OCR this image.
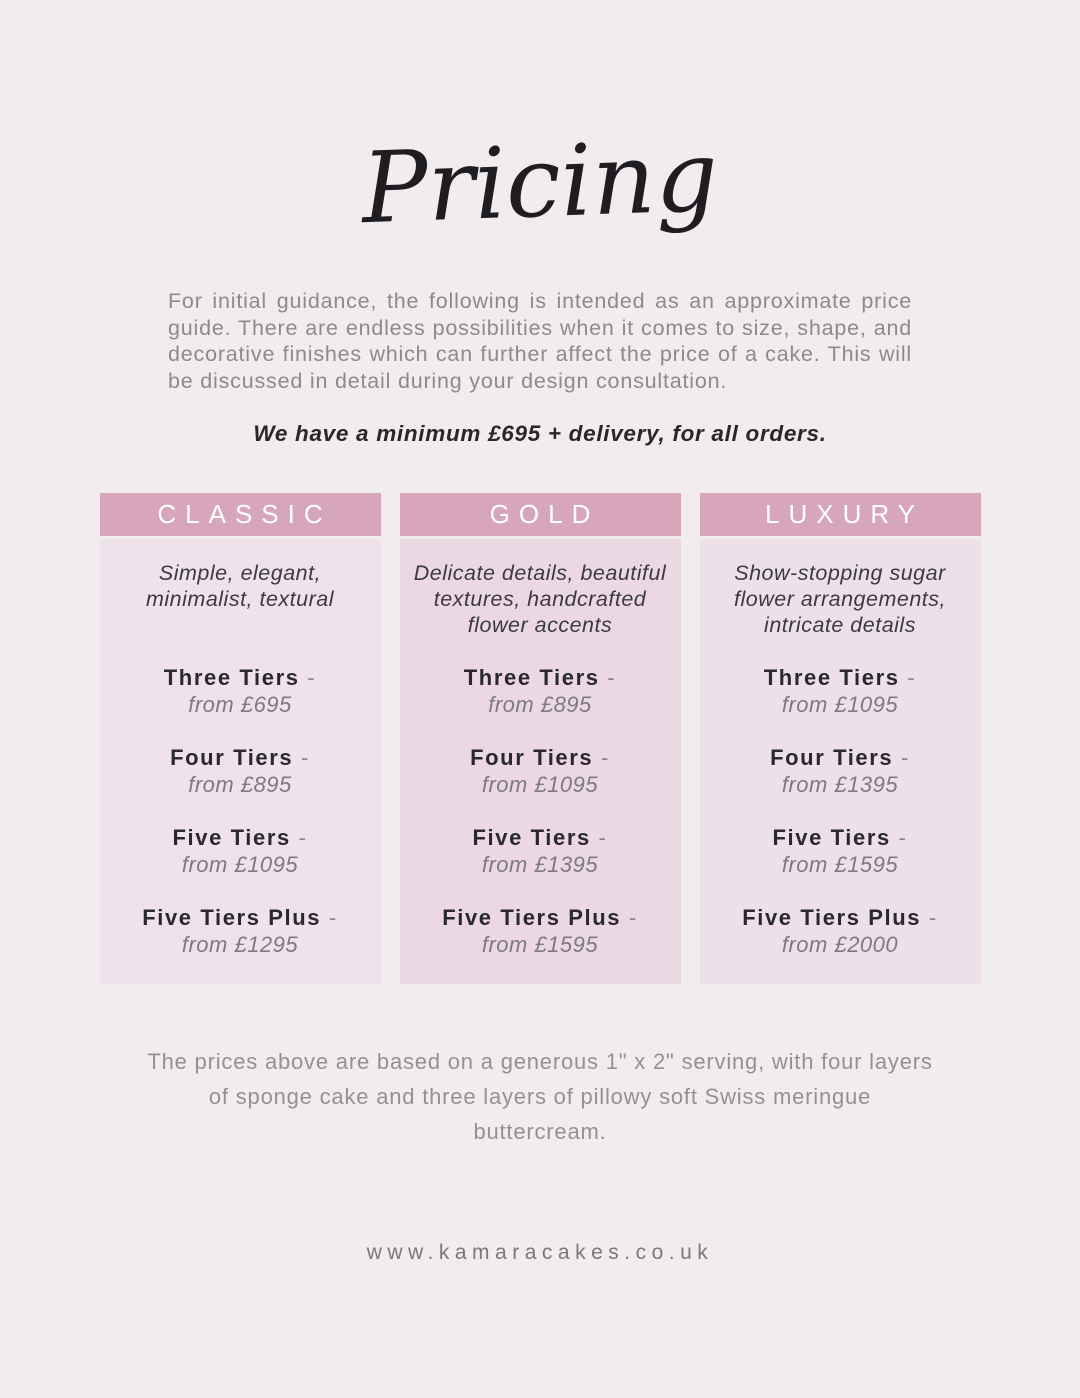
Pricing

For initial guidance, the following is intended as an approximate price guide. There are endless possibilities when it comes to size, shape, and decorative finishes which can further affect the price of a cake. This will be discussed in detail during your design consultation.

We have a minimum £695 + delivery, for all orders.

CLASSIC

Simple, elegant, minimalist, textural

Three Tiers -

from £695

Four Tiers -

from £895

Five Tiers -

from £1095

Five Tiers Plus -

from £1295

GOLD

Delicate details, beautiful textures, handcrafted flower accents

Three Tiers -

from £895

Four Tiers -

from £1095

Five Tiers -

from £1395

Five Tiers Plus -

from £1595

LUXURY

Show-stopping sugar flower arrangements, intricate details

Three Tiers -

from £1095

Four Tiers -

from £1395

Five Tiers -

from £1595

Five Tiers Plus -

from £2000

The prices above are based on a generous 1" x 2" serving, with four layers of sponge cake and three layers of pillowy soft Swiss meringue buttercream.

www.kamaracakes.co.uk
